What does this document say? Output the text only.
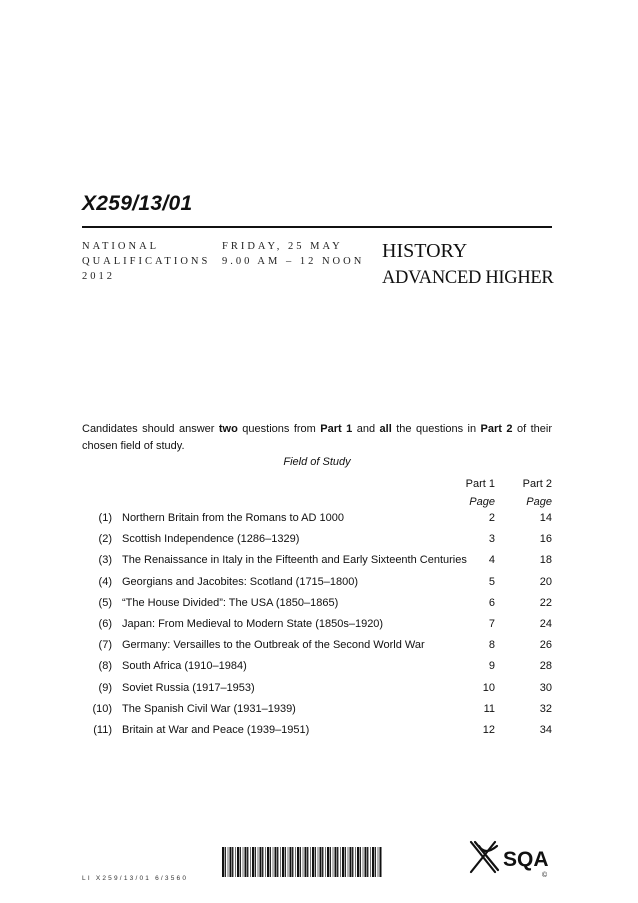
X259/13/01
NATIONAL
QUALIFICATIONS
2012
FRIDAY, 25 MAY
9.00 AM – 12 NOON HISTORY
ADVANCED HIGHER
Candidates should answer two questions from Part 1 and all the questions in Part 2 of their chosen field of study.
Field of Study
Part 1	Part 2
Page	Page
(1) Northern Britain from the Romans to AD 1000	2	14
(2) Scottish Independence (1286–1329)	3	16
(3) The Renaissance in Italy in the Fifteenth and Early Sixteenth Centuries	4	18
(4) Georgians and Jacobites: Scotland (1715–1800)	5	20
(5) “The House Divided”: The USA (1850–1865)	6	22
(6) Japan: From Medieval to Modern State (1850s–1920)	7	24
(7) Germany: Versailles to the Outbreak of the Second World War	8	26
(8) South Africa (1910–1984)	9	28
(9) Soviet Russia (1917–1953)	10	30
(10) The Spanish Civil War (1931–1939)	11	32
(11) Britain at War and Peace (1939–1951)	12	34
LI X259/13/01 6/3560
SQA
©
